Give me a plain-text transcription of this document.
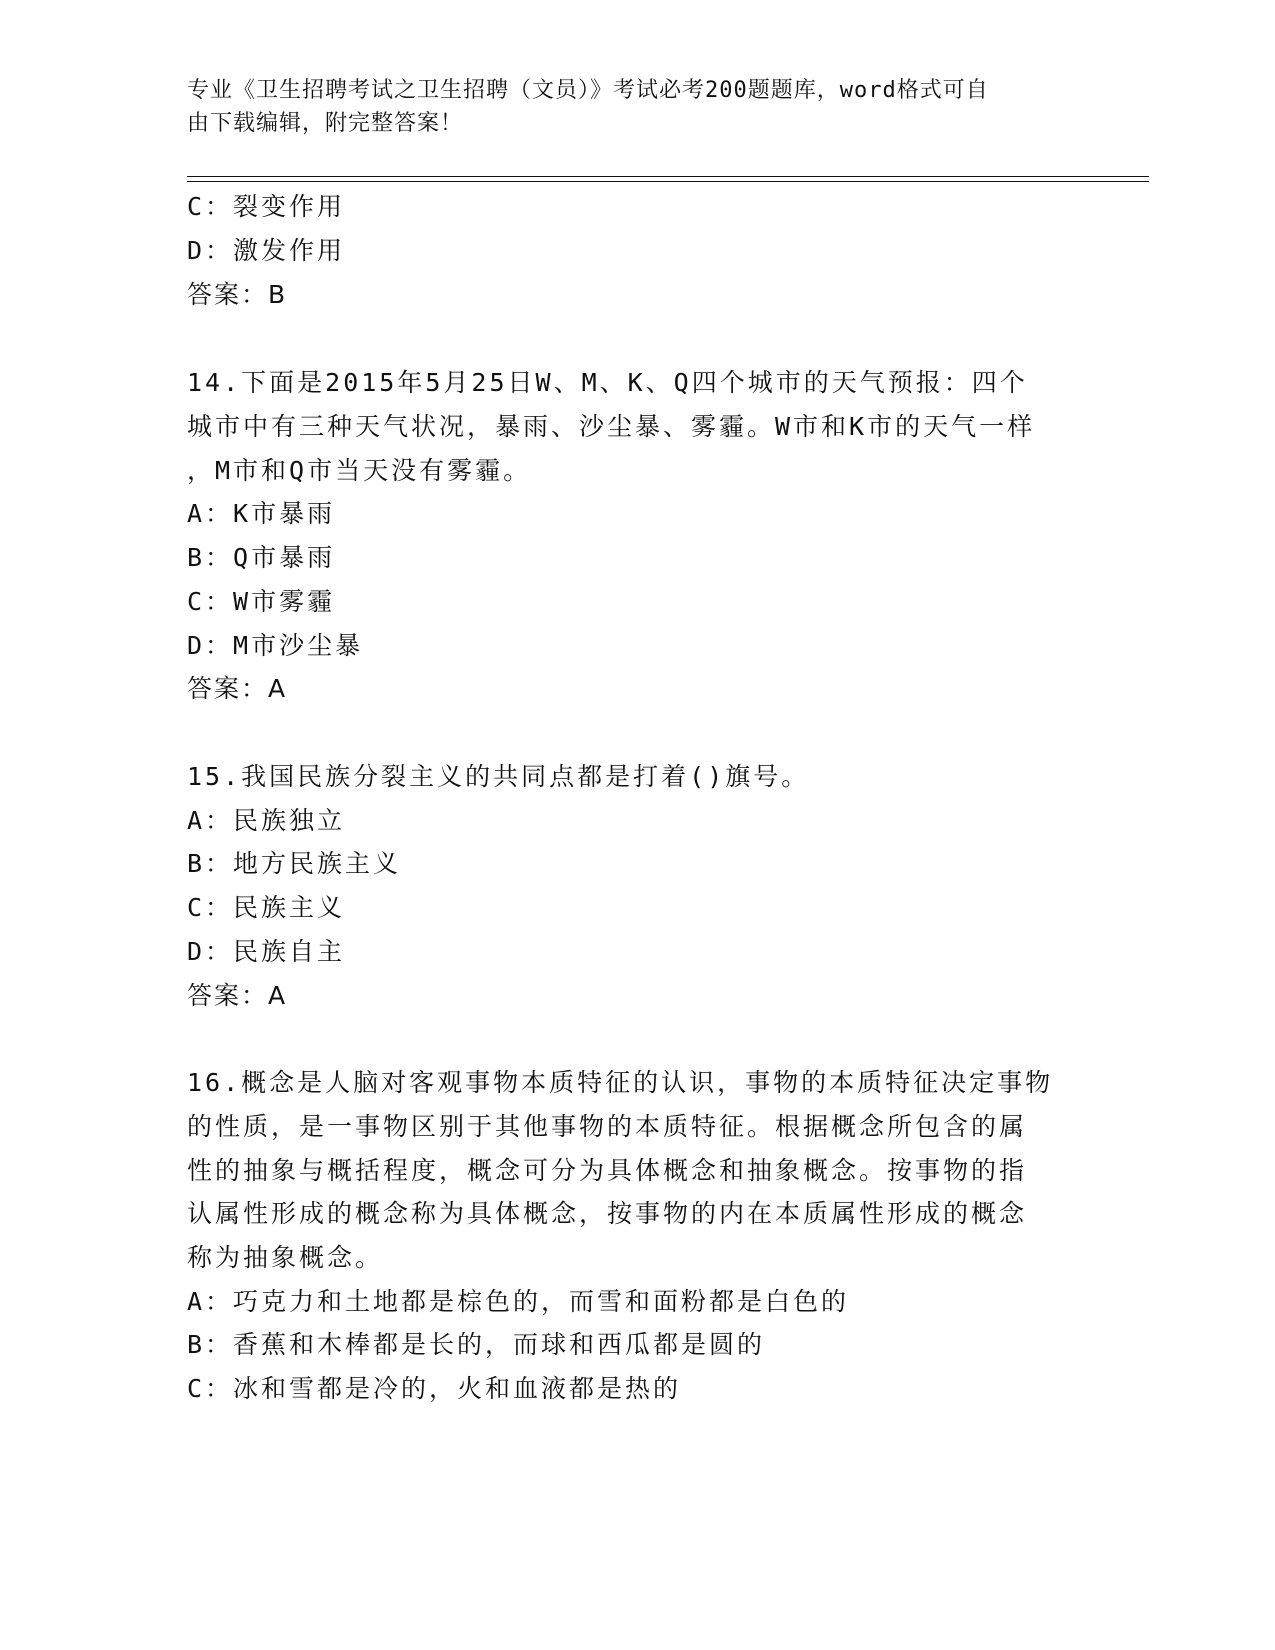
专业《卫生招聘考试之卫生招聘（文员）》考试必考200题题库，word格式可自
由下载编辑，附完整答案！
C：裂变作用
D：激发作用
答案：B
14.下面是2015年5月25日W、M、K、Q四个城市的天气预报：四个
城市中有三种天气状况，暴雨、沙尘暴、雾霾。W市和K市的天气一样
，M市和Q市当天没有雾霾。
A：K市暴雨
B：Q市暴雨
C：W市雾霾
D：M市沙尘暴
答案：A
15.我国民族分裂主义的共同点都是打着()旗号。
A：民族独立
B：地方民族主义
C：民族主义
D：民族自主
答案：A
16.概念是人脑对客观事物本质特征的认识，事物的本质特征决定事物
的性质，是一事物区别于其他事物的本质特征。根据概念所包含的属
性的抽象与概括程度，概念可分为具体概念和抽象概念。按事物的指
认属性形成的概念称为具体概念，按事物的内在本质属性形成的概念
称为抽象概念。
A：巧克力和土地都是棕色的，而雪和面粉都是白色的
B：香蕉和木棒都是长的，而球和西瓜都是圆的
C：冰和雪都是冷的，火和血液都是热的
